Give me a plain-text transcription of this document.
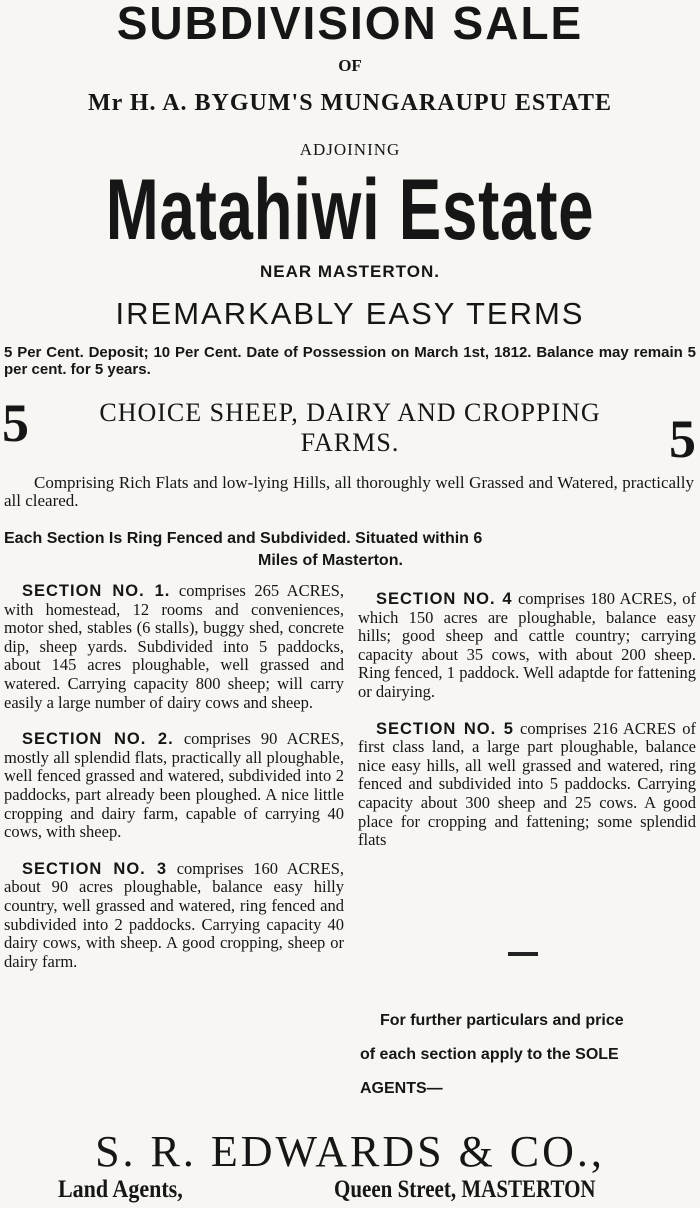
SUBDIVISION SALE
OF
Mr H. A. BYGUM'S MUNGARAUPU ESTATE
ADJOINING
Matahiwi Estate
NEAR MASTERTON.
IREMARKABLY EASY TERMS
5 Per Cent. Deposit; 10 Per Cent. Date of Possession on March 1st, 1812. Balance may remain 5 per cent. for 5 years.
5	CHOICE SHEEP, DAIRY AND CROPPING FARMS.	5
Comprising Rich Flats and low-lying Hills, all thoroughly well Grassed and Watered, practically all cleared.
Each Section Is Ring Fenced and Subdivided. Situated within 6
Miles of Masterton.

SECTION NO. 1. comprises 265 ACRES, with homestead, 12 rooms and conveniences, motor shed, stables (6 stalls), buggy shed, concrete dip, sheep yards. Subdivided into 5 paddocks, about 145 acres ploughable, well grassed and watered. Carrying capacity 800 sheep; will carry easily a large number of dairy cows and sheep.

SECTION NO. 2. comprises 90 ACRES, mostly all splendid flats, practically all ploughable, well fenced grassed and watered, subdivided into 2 paddocks, part already been ploughed. A nice little cropping and dairy farm, capable of carrying 40 cows, with sheep.

SECTION NO. 3 comprises 160 ACRES, about 90 acres ploughable, balance easy hilly country, well grassed and watered, ring fenced and subdivided into 2 paddocks. Carrying capacity 40 dairy cows, with sheep. A good cropping, sheep or dairy farm.

SECTION NO. 4 comprises 180 ACRES, of which 150 acres are ploughable, balance easy hills; good sheep and cattle country; carrying capacity about 35 cows, with about 200 sheep. Ring fenced, 1 paddock. Well adaptde for fattening or dairying.

SECTION NO. 5 comprises 216 ACRES of first class land, a large part ploughable, balance nice easy hills, all well grassed and watered, ring fenced and subdivided into 5 paddocks. Carrying capacity about 300 sheep and 25 cows. A good place for cropping and fattening; some splendid flats

For further particulars and price
of each section apply to the SOLE
AGENTS—
S. R. EDWARDS & CO.,
Land Agents,	Queen Street, MASTERTON
